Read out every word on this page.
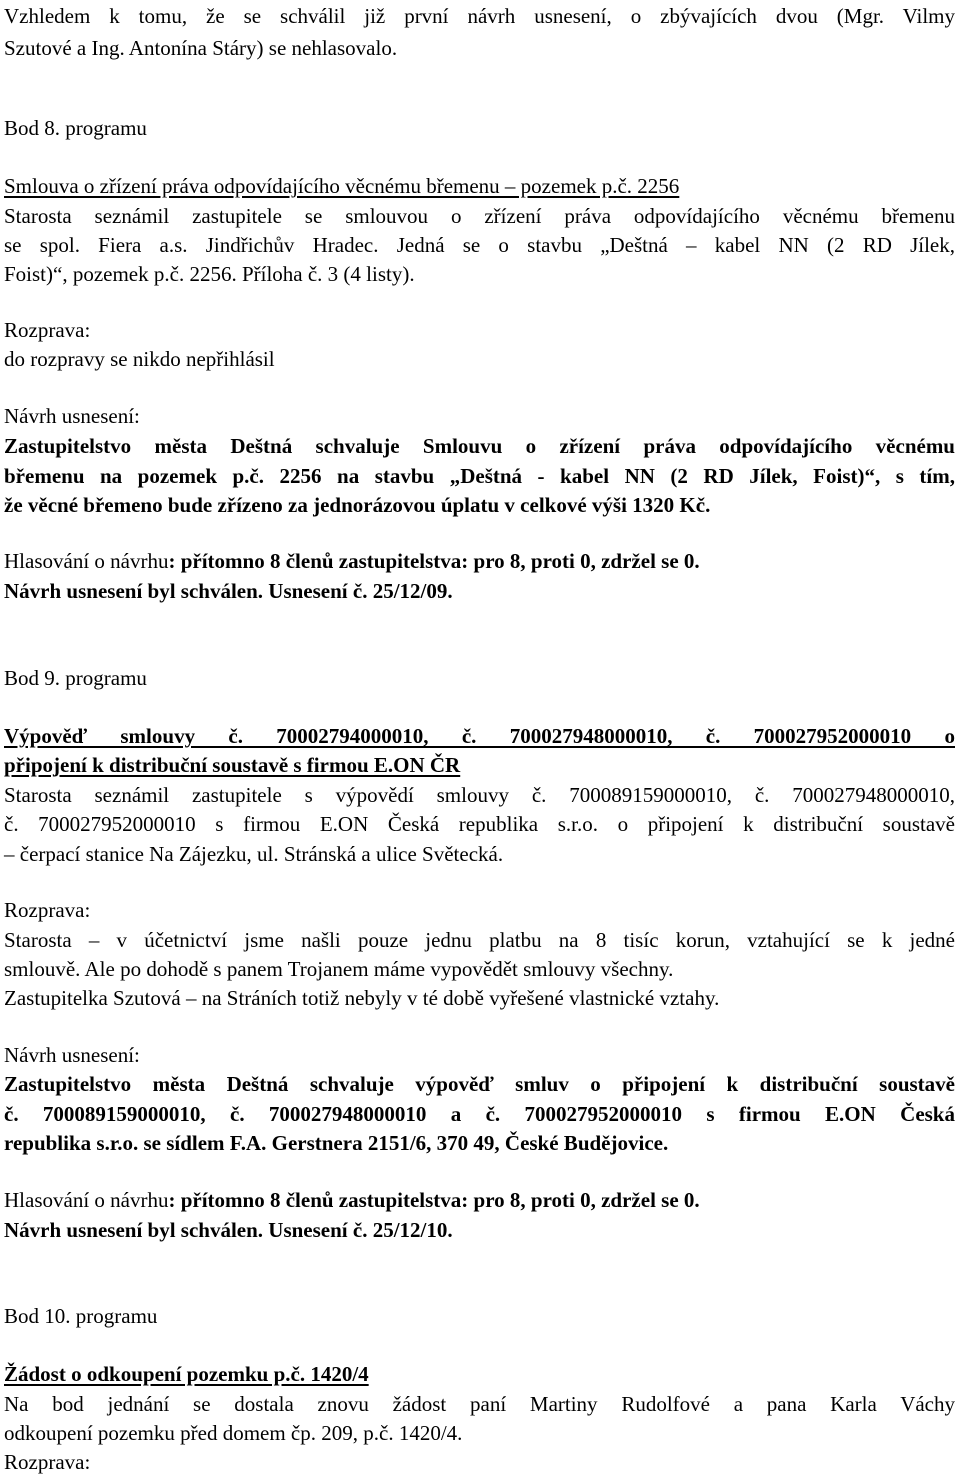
Vzhledem k tomu, že se schválil již první návrh usnesení, o zbývajících dvou (Mgr. Vilmy
Szutové a Ing. Antonína Stáry) se nehlasovalo.
Bod 8. programu
Smlouva o zřízení práva odpovídajícího věcnému břemenu – pozemek p.č. 2256
Starosta seznámil zastupitele se smlouvou o zřízení práva odpovídajícího věcnému břemenu
se spol. Fiera a.s. Jindřichův Hradec. Jedná se o stavbu „Deštná – kabel NN (2 RD Jílek,
Foist)“, pozemek p.č. 2256. Příloha č. 3 (4 listy).
Rozprava:
do rozpravy se nikdo nepřihlásil
Návrh usnesení:
Zastupitelstvo města Deštná schvaluje Smlouvu o zřízení práva odpovídajícího věcnému
břemenu na pozemek p.č. 2256 na stavbu „Deštná - kabel NN (2 RD Jílek, Foist)“, s tím,
že věcné břemeno bude zřízeno za jednorázovou úplatu v celkové výši 1320 Kč.
Hlasování o návrhu: přítomno 8 členů zastupitelstva: pro 8, proti 0, zdržel se 0.
Návrh usnesení byl schválen. Usnesení č. 25/12/09.
Bod 9. programu
Výpověď smlouvy č. 70002794000010, č. 700027948000010, č. 700027952000010 o
připojení k distribuční soustavě s firmou E.ON ČR
Starosta seznámil zastupitele s výpovědí smlouvy č. 700089159000010, č. 700027948000010,
č. 700027952000010 s firmou E.ON Česká republika s.r.o. o připojení k distribuční soustavě
– čerpací stanice Na Zájezku, ul. Stránská a ulice Světecká.
Rozprava:
Starosta – v účetnictví jsme našli pouze jednu platbu na 8 tisíc korun, vztahující se k jedné
smlouvě. Ale po dohodě s panem Trojanem máme vypovědět smlouvy všechny.
Zastupitelka Szutová – na Stráních totiž nebyly v té době vyřešené vlastnické vztahy.
Návrh usnesení:
Zastupitelstvo města Deštná schvaluje výpověď smluv o připojení k distribuční soustavě
č. 700089159000010, č. 700027948000010 a č. 700027952000010 s firmou E.ON Česká
republika s.r.o. se sídlem F.A. Gerstnera 2151/6, 370 49, České Budějovice.
Hlasování o návrhu: přítomno 8 členů zastupitelstva: pro 8, proti 0, zdržel se 0.
Návrh usnesení byl schválen. Usnesení č. 25/12/10.
Bod 10. programu
Žádost o odkoupení pozemku p.č. 1420/4
Na bod jednání se dostala znovu žádost paní Martiny Rudolfové a pana Karla Váchy
odkoupení pozemku před domem čp. 209, p.č. 1420/4.
Rozprava:
